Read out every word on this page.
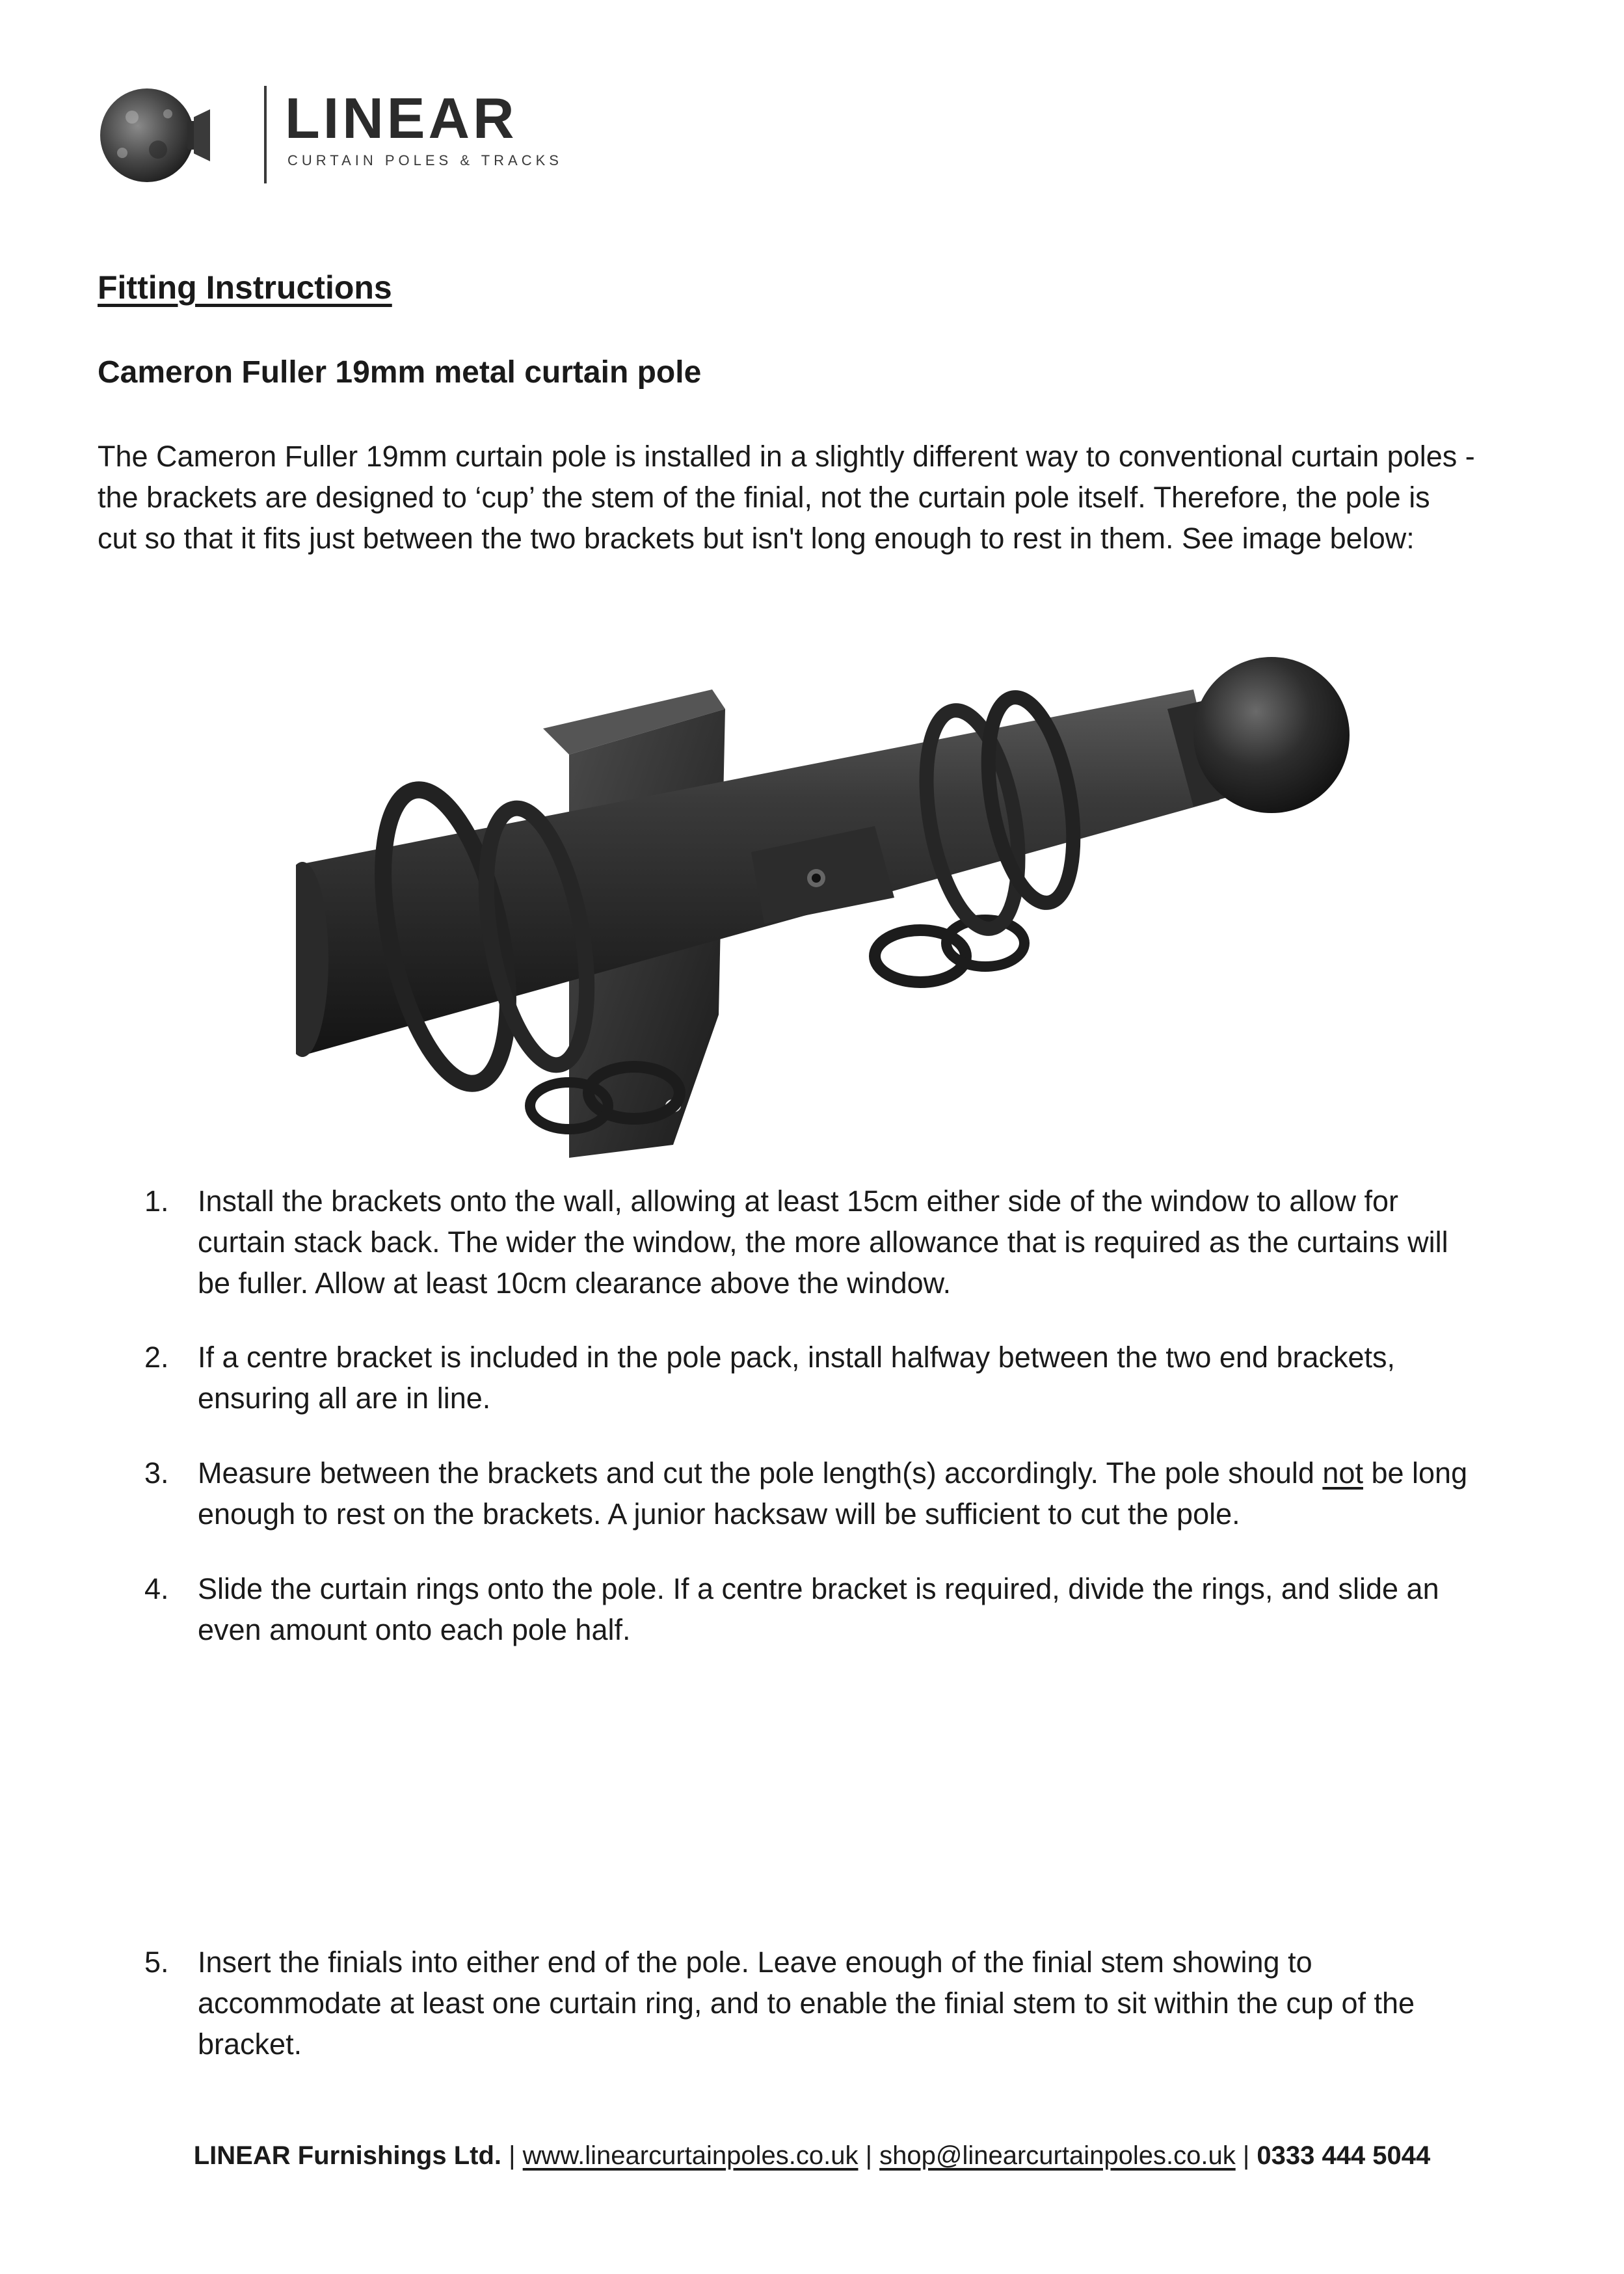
LINEAR
CURTAIN POLES & TRACKS
Fitting Instructions
Cameron Fuller 19mm metal curtain pole
The Cameron Fuller 19mm curtain pole is installed in a slightly different way to conventional curtain poles -
the brackets are designed to ‘cup’ the stem of the finial, not the curtain pole itself. Therefore, the pole is
cut so that it fits just between the two brackets but isn't long enough to rest in them. See image below:
1. Install the brackets onto the wall, allowing at least 15cm either side of the window to allow for
curtain stack back. The wider the window, the more allowance that is required as the curtains will
be fuller. Allow at least 10cm clearance above the window.
2. If a centre bracket is included in the pole pack, install halfway between the two end brackets,
ensuring all are in line.
3. Measure between the brackets and cut the pole length(s) accordingly. The pole should not be long
enough to rest on the brackets. A junior hacksaw will be sufficient to cut the pole.
4. Slide the curtain rings onto the pole. If a centre bracket is required, divide the rings, and slide an
even amount onto each pole half.
5. Insert the finials into either end of the pole. Leave enough of the finial stem showing to
accommodate at least one curtain ring, and to enable the finial stem to sit within the cup of the
bracket.
LINEAR Furnishings Ltd. | www.linearcurtainpoles.co.uk | shop@linearcurtainpoles.co.uk | 0333 444 5044
